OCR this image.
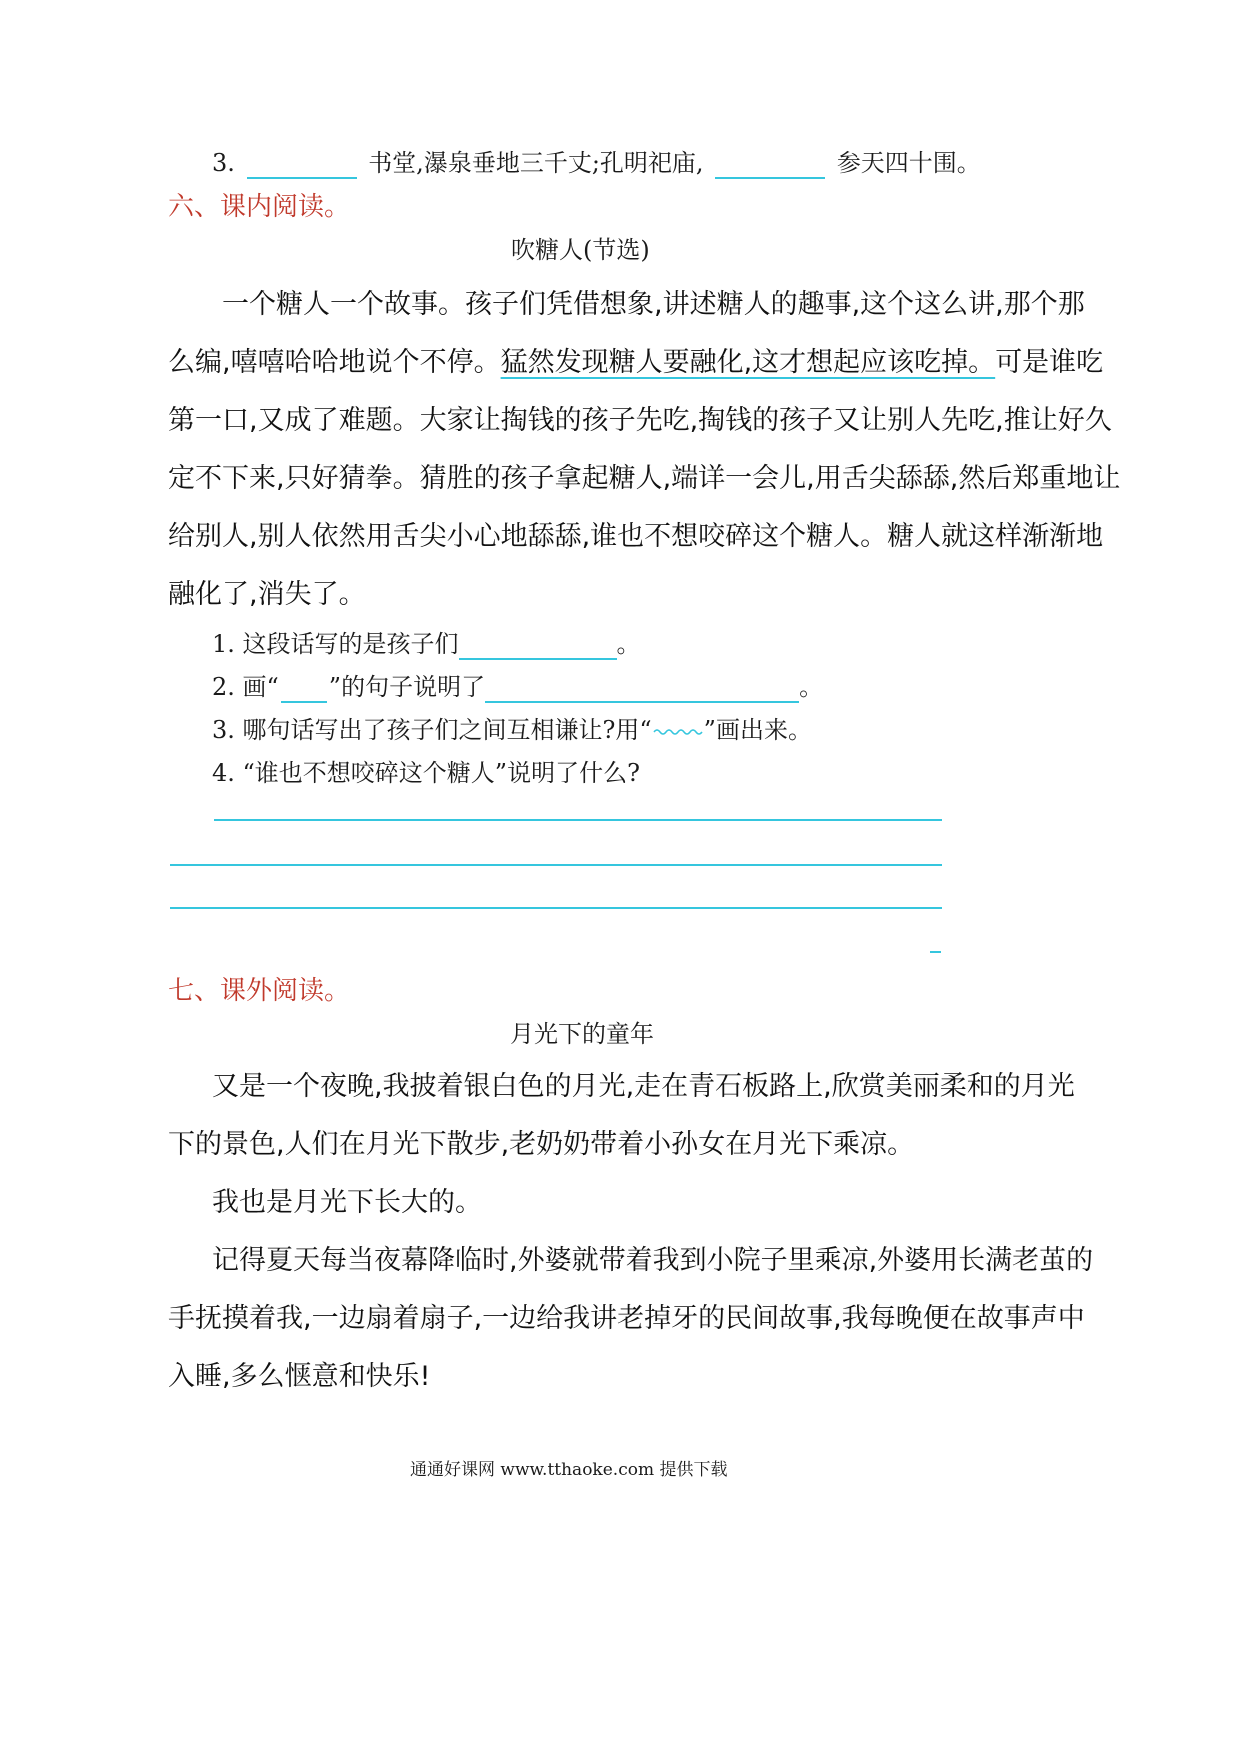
3.	书堂,瀑泉垂地三千丈;孔明祀庙,	参天四十围。
六、课内阅读。
吹糖人(节选)
一个糖人一个故事。孩子们凭借想象,讲述糖人的趣事,这个这么讲,那个那
么编,嘻嘻哈哈地说个不停。猛然发现糖人要融化,这才想起应该吃掉。可是谁吃
第一口,又成了难题。大家让掏钱的孩子先吃,掏钱的孩子又让别人先吃,推让好久
定不下来,只好猜拳。猜胜的孩子拿起糖人,端详一会儿,用舌尖舔舔,然后郑重地让
给别人,别人依然用舌尖小心地舔舔,谁也不想咬碎这个糖人。糖人就这样渐渐地
融化了,消失了。
1. 这段话写的是孩子们	。
2. 画“ ”的句子说明了	。
3. 哪句话写出了孩子们之间互相谦让?用“ ”画出来。
4. “谁也不想咬碎这个糖人”说明了什么?
七、课外阅读。
月光下的童年
又是一个夜晚,我披着银白色的月光,走在青石板路上,欣赏美丽柔和的月光
下的景色,人们在月光下散步,老奶奶带着小孙女在月光下乘凉。
我也是月光下长大的。
记得夏天每当夜幕降临时,外婆就带着我到小院子里乘凉,外婆用长满老茧的
手抚摸着我,一边扇着扇子,一边给我讲老掉牙的民间故事,我每晚便在故事声中
入睡,多么惬意和快乐!
通通好课网 www.tthaoke.com 提供下载
